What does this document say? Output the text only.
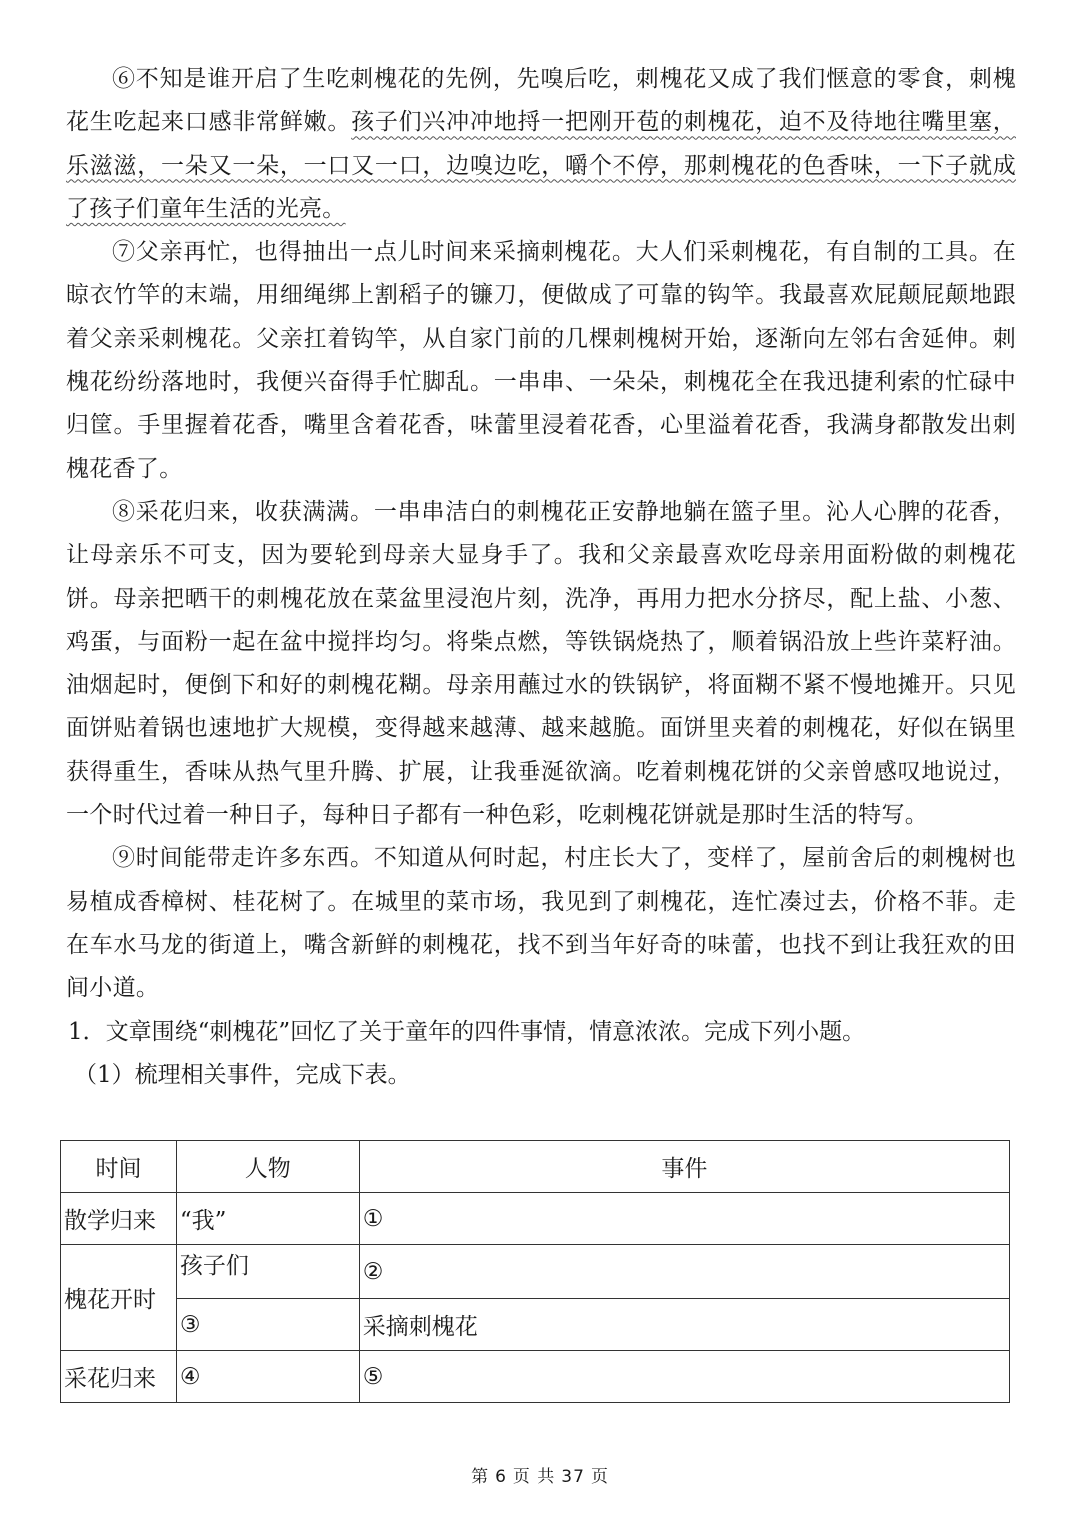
⑥不知是谁开启了生吃刺槐花的先例，先嗅后吃，刺槐花又成了我们惬意的零食，刺槐花生吃起来口感非常鲜嫩。孩子们兴冲冲地捋一把刚开苞的刺槐花，迫不及待地往嘴里塞，乐滋滋，一朵又一朵，一口又一口，边嗅边吃，嚼个不停，那刺槐花的色香味，一下子就成了孩子们童年生活的光亮。

⑦父亲再忙，也得抽出一点儿时间来采摘刺槐花。大人们采刺槐花，有自制的工具。在晾衣竹竿的末端，用细绳绑上割稻子的镰刀，便做成了可靠的钩竿。我最喜欢屁颠屁颠地跟着父亲采刺槐花。父亲扛着钩竿，从自家门前的几棵刺槐树开始，逐渐向左邻右舍延伸。刺槐花纷纷落地时，我便兴奋得手忙脚乱。一串串、一朵朵，刺槐花全在我迅捷利索的忙碌中归筐。手里握着花香，嘴里含着花香，味蕾里浸着花香，心里溢着花香，我满身都散发出刺槐花香了。

⑧采花归来，收获满满。一串串洁白的刺槐花正安静地躺在篮子里。沁人心脾的花香，让母亲乐不可支，因为要轮到母亲大显身手了。我和父亲最喜欢吃母亲用面粉做的刺槐花饼。母亲把晒干的刺槐花放在菜盆里浸泡片刻，洗净，再用力把水分挤尽，配上盐、小葱、鸡蛋，与面粉一起在盆中搅拌均匀。将柴点燃，等铁锅烧热了，顺着锅沿放上些许菜籽油。油烟起时，便倒下和好的刺槐花糊。母亲用蘸过水的铁锅铲，将面糊不紧不慢地摊开。只见面饼贴着锅也速地扩大规模，变得越来越薄、越来越脆。面饼里夹着的刺槐花，好似在锅里获得重生，香味从热气里升腾、扩展，让我垂涎欲滴。吃着刺槐花饼的父亲曾感叹地说过，一个时代过着一种日子，每种日子都有一种色彩，吃刺槐花饼就是那时生活的特写。

⑨时间能带走许多东西。不知道从何时起，村庄长大了，变样了，屋前舍后的刺槐树也易植成香樟树、桂花树了。在城里的菜市场，我见到了刺槐花，连忙凑过去，价格不菲。走在车水马龙的街道上，嘴含新鲜的刺槐花，找不到当年好奇的味蕾，也找不到让我狂欢的田间小道。

1．文章围绕“刺槐花”回忆了关于童年的四件事情，情意浓浓。完成下列小题。

（1）梳理相关事件，完成下表。

时间	人物	事件
散学归来	“我”	①
槐花开时	孩子们	②
	③	采摘刺槐花
采花归来	④	⑤
第 6 页 共 37 页
